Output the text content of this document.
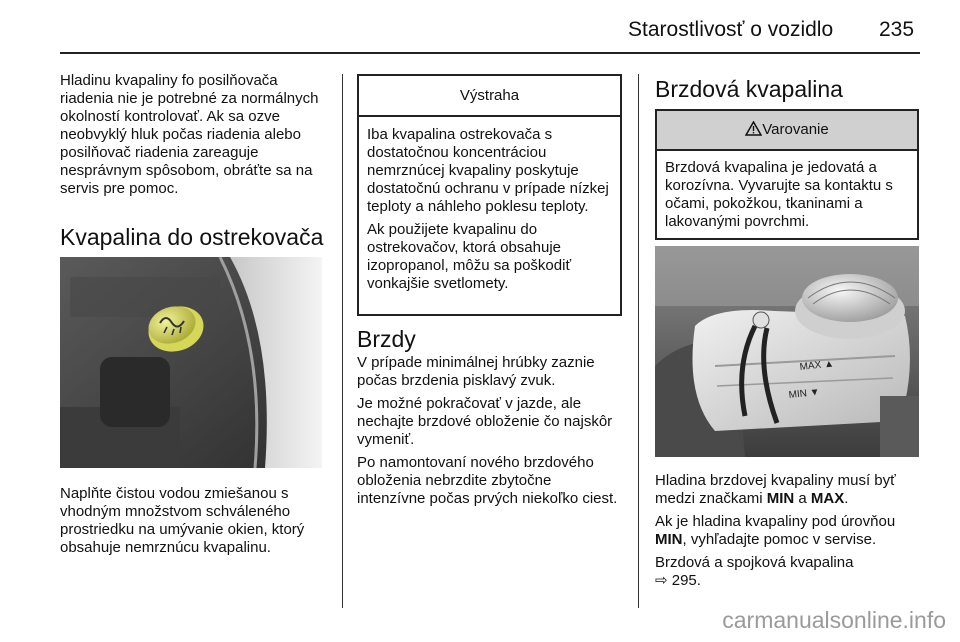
Starostlivosť o vozidlo 235

Hladinu kvapaliny fo posilňovača riadenia nie je potrebné za normálnych okolností kontrolovať. Ak sa ozve neobvyklý hluk počas riadenia alebo posilňovač riadenia zareaguje nesprávnym spôsobom, obráťte sa na servis pre pomoc.

Kvapalina do ostrekovača

Naplňte čistou vodou zmiešanou s vhodným množstvom schváleného prostriedku na umývanie okien, ktorý obsahuje nemrznúcu kvapalinu.

Výstraha

Iba kvapalina ostrekovača s dostatočnou koncentráciou nemrznúcej kvapaliny poskytuje dostatočnú ochranu v prípade nízkej teploty a náhleho poklesu teploty.

Ak použijete kvapalinu do ostrekovačov, ktorá obsahuje izopropanol, môžu sa poškodiť vonkajšie svetlomety.

Brzdy

V prípade minimálnej hrúbky zaznie počas brzdenia pisklavý zvuk.

Je možné pokračovať v jazde, ale nechajte brzdové obloženie čo najskôr vymeniť.

Po namontovaní nového brzdového obloženia nebrzdite zbytočne intenzívne počas prvých niekoľko ciest.

Brzdová kvapalina
Varovanie
Brzdová kvapalina je jedovatá a korozívna. Vyvarujte sa kontaktu s očami, pokožkou, tkaninami a lakovanými povrchmi.
MAX ▲
MIN ▼

Hladina brzdovej kvapaliny musí byť medzi značkami MIN a MAX.

Ak je hladina kvapaliny pod úrovňou MIN, vyhľadajte pomoc v servise.

Brzdová a spojková kvapalina
⇨ 295.

carmanualsonline.info
